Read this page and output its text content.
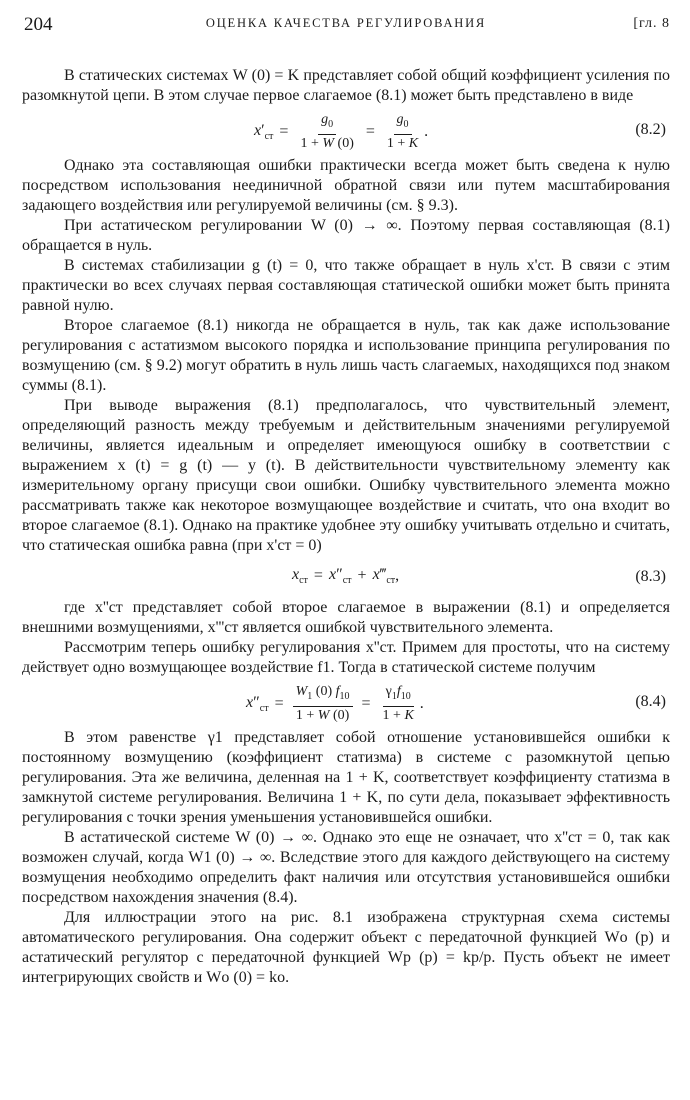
204	ОЦЕНКА КАЧЕСТВА РЕГУЛИРОВАНИЯ	[гл. 8

В статических системах W (0) = K представляет собой общий коэффициент усиления по разомкнутой цепи. В этом случае первое слагаемое (8.1) может быть представлено в виде

$x'_{ст} = \frac{g_0}{1 + W (0)} = \frac{g_0}{1 + K}$ .	(8.2)

Однако эта составляющая ошибки практически всегда может быть сведена к нулю посредством использования неединичной обратной связи или путем масштабирования задающего воздействия или регулируемой величины (см. § 9.3).

При астатическом регулировании W (0) → ∞. Поэтому первая составляющая (8.1) обращается в нуль.

В системах стабилизации g (t) = 0, что также обращает в нуль x'ст. В связи с этим практически во всех случаях первая составляющая статической ошибки может быть принята равной нулю.

Второе слагаемое (8.1) никогда не обращается в нуль, так как даже использование регулирования с астатизмом высокого порядка и использование принципа регулирования по возмущению (см. § 9.2) могут обратить в нуль лишь часть слагаемых, находящихся под знаком суммы (8.1).

При выводе выражения (8.1) предполагалось, что чувствительный элемент, определяющий разность между требуемым и действительным значениями регулируемой величины, является идеальным и определяет имеющуюся ошибку в соответствии с выражением x (t) = g (t) — y (t). В действительности чувствительному элементу как измерительному органу присущи свои ошибки. Ошибку чувствительного элемента можно рассматривать также как некоторое возмущающее воздействие и считать, что она входит во второе слагаемое (8.1). Однако на практике удобнее эту ошибку учитывать отдельно и считать, что статическая ошибка равна (при x'ст = 0)

$x_{ст} = x''_{ст}$ + $x‴_{ст}$ ,	(8.3)

где x''ст представляет собой второе слагаемое в выражении (8.1) и определяется внешними возмущениями, x'''ст является ошибкой чувствительного элемента.

Рассмотрим теперь ошибку регулирования x''ст. Примем для простоты, что на систему действует одно возмущающее воздействие f1. Тогда в статической системе получим

$x''_{ст} = \frac{W_1 (0) f_{10}}{1 + W (0)} = \frac{\gamma_1f_{10}}{1 + K}$ .	(8.4)

В этом равенстве γ1 представляет собой отношение установившейся ошибки к постоянному возмущению (коэффициент статизма) в системе с разомкнутой цепью регулирования. Эта же величина, деленная на 1 + K, соответствует коэффициенту статизма в замкнутой системе регулирования. Величина 1 + K, по сути дела, показывает эффективность регулирования с точки зрения уменьшения установившейся ошибки.

В астатической системе W (0) → ∞. Однако это еще не означает, что x''ст = 0, так как возможен случай, когда W1 (0) → ∞. Вследствие этого для каждого действующего на систему возмущения необходимо определить факт наличия или отсутствия установившейся ошибки посредством нахождения значения (8.4).

Для иллюстрации этого на рис. 8.1 изображена структурная схема системы автоматического регулирования. Она содержит объект с передаточной функцией Wо (p) и астатический регулятор с передаточной функцией Wр (p) = kр/p. Пусть объект не имеет интегрирующих свойств и Wо (0) = kо.
